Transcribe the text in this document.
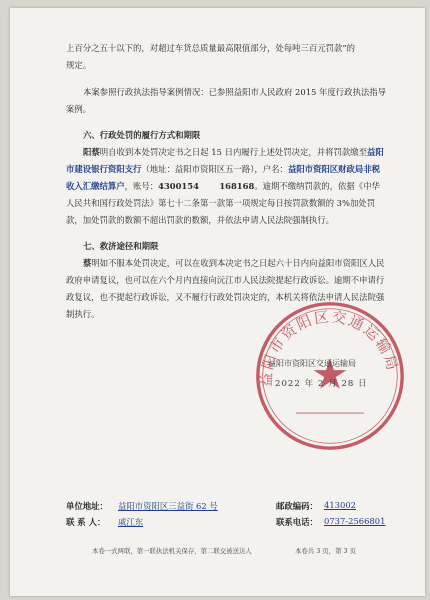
上百分之五十以下的，对超过车货总质量最高限值部分，处每吨三百元罚款”的

规定。

本案参照行政执法指导案例情况：已参照益阳市人民政府 2015 年度行政执法指导案例。

六、行政处罚的履行方式和期限

阳蔡明自收到本处罚决定书之日起 15 日内履行上述处罚决定，并将罚款缴至益阳市建设银行资阳支行（地址：益阳市资阳区五一路），户名：益阳市资阳区财政局非税收入汇缴结算户，账号：4300154       168168。逾期不缴纳罚款的，依据《中华人民共和国行政处罚法》第七十二条第一款第一项规定每日按罚款数额的 3%加处罚款，加处罚款的数额不超出罚款的数额，并依法申请人民法院强制执行。

七、救济途径和期限

蔡明如不服本处罚决定，可以在收到本决定书之日起六十日内向益阳市资阳区人民政府申请复议，也可以在六个月内直接向沅江市人民法院提起行政诉讼。逾期不申请行政复议，也不提起行政诉讼，又不履行行政处罚决定的，本机关将依法申请人民法院强制执行。

益阳市资阳区交通运输局
益阳市资阳区交通运输局
2022 年 2 月 28 日
单位地址： 益阳市资阳区三益街 62 号	邮政编码： 413002
联 系 人： 戚江东	联系电话： 0737-2566801
本卷一式两联，第一联执法机关保存，第二联交被送达人	本卷共 3 页，第 3 页
